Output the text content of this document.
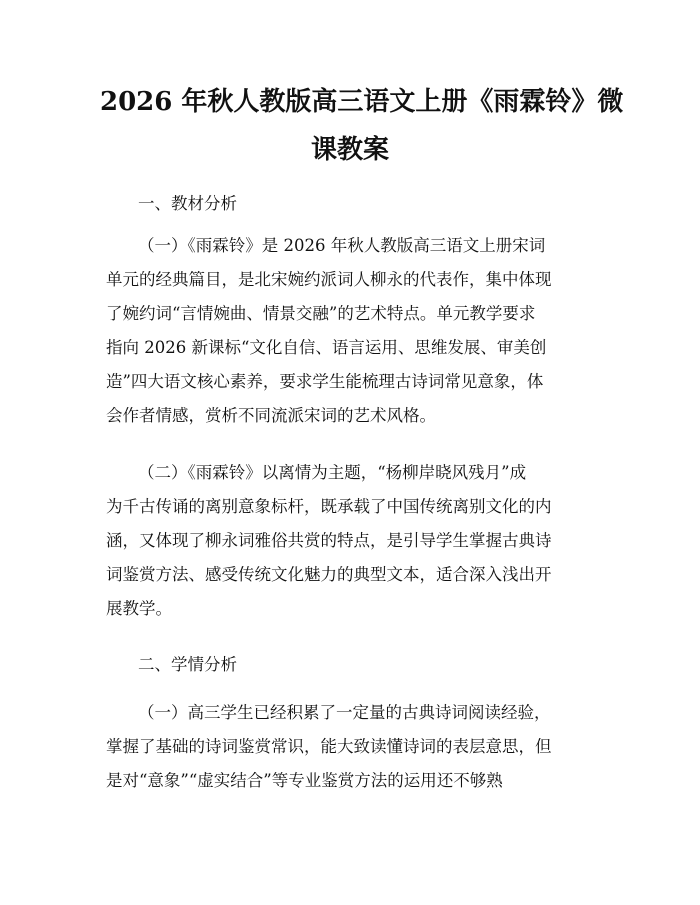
2026 年秋人教版高三语文上册《雨霖铃》微
课教案

一、教材分析

（一）《雨霖铃》是 2026 年秋人教版高三语文上册宋词

单元的经典篇目，是北宋婉约派词人柳永的代表作，集中体现

了婉约词“言情婉曲、情景交融”的艺术特点。单元教学要求

指向 2026 新课标“文化自信、语言运用、思维发展、审美创

造”四大语文核心素养，要求学生能梳理古诗词常见意象，体

会作者情感，赏析不同流派宋词的艺术风格。

（二）《雨霖铃》以离情为主题，“杨柳岸晓风残月”成

为千古传诵的离别意象标杆，既承载了中国传统离别文化的内

涵，又体现了柳永词雅俗共赏的特点，是引导学生掌握古典诗

词鉴赏方法、感受传统文化魅力的典型文本，适合深入浅出开

展教学。

二、学情分析

（一）高三学生已经积累了一定量的古典诗词阅读经验，

掌握了基础的诗词鉴赏常识，能大致读懂诗词的表层意思，但

是对“意象”“虚实结合”等专业鉴赏方法的运用还不够熟
